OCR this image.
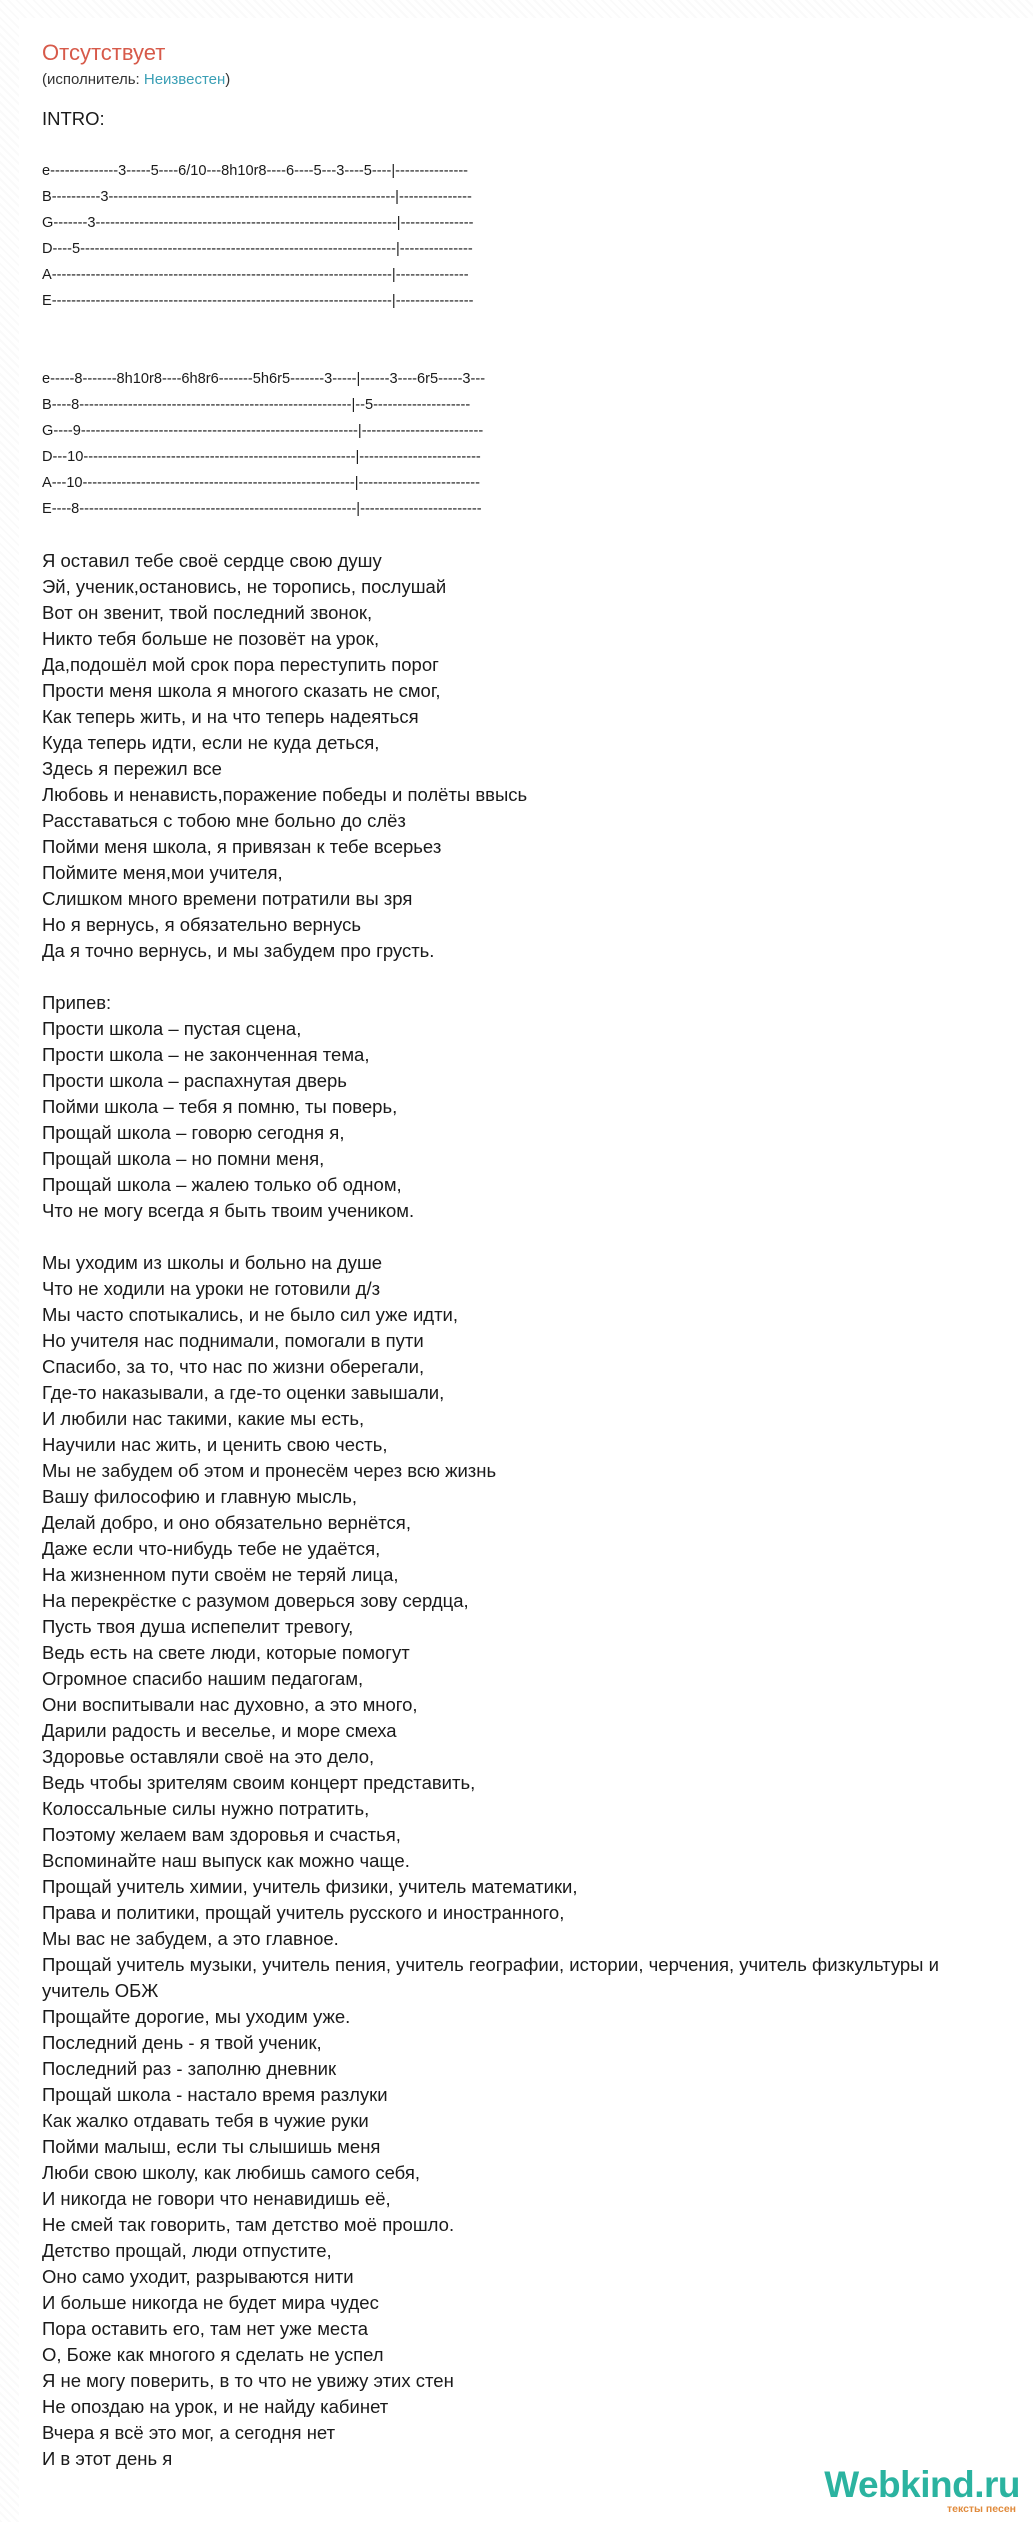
Отсутствует
(исполнитель: Неизвестен)
INTRO:
e--------------3-----5----6/10---8h10r8----6----5---3----5----|---------------
B----------3-----------------------------------------------------------|---------------
G-------3--------------------------------------------------------------|---------------
D----5-----------------------------------------------------------------|---------------
A----------------------------------------------------------------------|---------------
E----------------------------------------------------------------------|----------------
e-----8-------8h10r8----6h8r6-------5h6r5-------3-----|------3----6r5-----3---
B----8--------------------------------------------------------|--5--------------------
G----9---------------------------------------------------------|-------------------------
D---10--------------------------------------------------------|-------------------------
A---10--------------------------------------------------------|-------------------------
E----8---------------------------------------------------------|-------------------------
Я оставил тебе своё сердце свою душу
Эй, ученик,остановись, не торопись, послушай
Вот он звенит, твой последний звонок,
Никто тебя больше не позовёт на урок,
Да,подошёл мой срок пора переступить порог
Прости меня школа я многого сказать не смог,
Как теперь жить, и на что теперь надеяться
Куда теперь идти, если не куда деться,
Здесь я пережил все
Любовь и ненависть,поражение победы и полёты ввысь
Расставаться с тобою мне больно до слёз
Пойми меня школа, я привязан к тебе всерьез
Поймите меня,мои учителя,
Слишком много времени потратили вы зря
Но я вернусь, я обязательно вернусь
Да я точно вернусь, и мы забудем про грусть.
Припев:
Прости школа – пустая сцена,
Прости школа – не законченная тема,
Прости школа – распахнутая дверь
Пойми школа – тебя я помню, ты поверь,
Прощай школа – говорю сегодня я,
Прощай школа – но помни меня,
Прощай школа – жалею только об одном,
Что не могу всегда я быть твоим учеником.
Мы уходим из школы и больно на душе
Что не ходили на уроки не готовили д/з
Мы часто спотыкались, и не было сил уже идти,
Но учителя нас поднимали, помогали в пути
Спасибо, за то, что нас по жизни оберегали,
Где-то наказывали, а где-то оценки завышали,
И любили нас такими, какие мы есть,
Научили нас жить, и ценить свою честь,
Мы не забудем об этом и пронесём через всю жизнь
Вашу философию и главную мысль,
Делай добро, и оно обязательно вернётся,
Даже если что-нибудь тебе не удаётся,
На жизненном пути своём не теряй лица,
На перекрёстке с разумом доверься зову сердца,
Пусть твоя душа испепелит тревогу,
Ведь есть на свете люди, которые помогут
Огромное спасибо нашим педагогам,
Они воспитывали нас духовно, а это много,
Дарили радость и веселье, и море смеха
Здоровье оставляли своё на это дело,
Ведь чтобы зрителям своим концерт представить,
Колоссальные силы нужно потратить,
Поэтому желаем вам здоровья и счастья,
Вспоминайте наш выпуск как можно чаще.
Прощай учитель химии, учитель физики, учитель математики,
Права и политики, прощай учитель русского и иностранного,
Мы вас не забудем, а это главное.
Прощай учитель музыки, учитель пения, учитель географии, истории, черчения, учитель физкультуры и
учитель ОБЖ
Прощайте дорогие, мы уходим уже.
Последний день - я твой ученик,
Последний раз - заполню дневник
Прощай школа - настало время разлуки
Как жалко отдавать тебя в чужие руки
Пойми малыш, если ты слышишь меня
Люби свою школу, как любишь самого себя,
И никогда не говори что ненавидишь её,
Не смей так говорить, там детство моё прошло.
Детство прощай, люди отпустите,
Оно само уходит, разрываются нити
И больше никогда не будет мира чудес
Пора оставить его, там нет уже места
О, Боже как многого я сделать не успел
Я не могу поверить, в то что не увижу этих стен
Не опоздаю на урок, и не найду кабинет
Вчера я всё это мог, а сегодня нет
И в этот день я
Webkind.ru
тексты песен
